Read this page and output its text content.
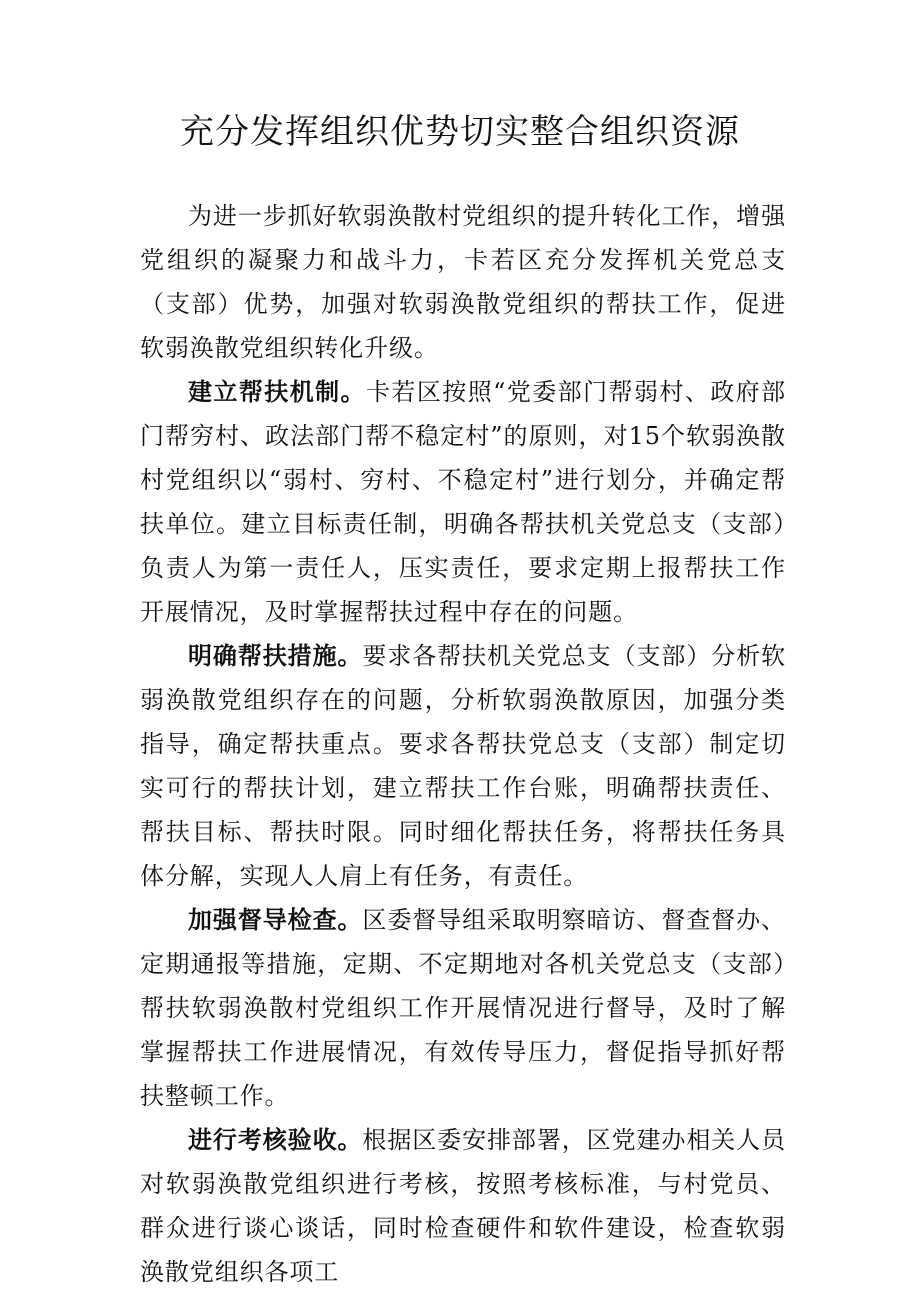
充分发挥组织优势切实整合组织资源

为进一步抓好软弱涣散村党组织的提升转化工作，增强党组织的凝聚力和战斗力，卡若区充分发挥机关党总支（支部）优势，加强对软弱涣散党组织的帮扶工作，促进软弱涣散党组织转化升级。

建立帮扶机制。卡若区按照“党委部门帮弱村、政府部门帮穷村、政法部门帮不稳定村”的原则，对15个软弱涣散村党组织以“弱村、穷村、不稳定村”进行划分，并确定帮扶单位。建立目标责任制，明确各帮扶机关党总支（支部）负责人为第一责任人，压实责任，要求定期上报帮扶工作开展情况，及时掌握帮扶过程中存在的问题。

明确帮扶措施。要求各帮扶机关党总支（支部）分析软弱涣散党组织存在的问题，分析软弱涣散原因，加强分类指导，确定帮扶重点。要求各帮扶党总支（支部）制定切实可行的帮扶计划，建立帮扶工作台账，明确帮扶责任、帮扶目标、帮扶时限。同时细化帮扶任务，将帮扶任务具体分解，实现人人肩上有任务，有责任。

加强督导检查。区委督导组采取明察暗访、督查督办、定期通报等措施，定期、不定期地对各机关党总支（支部）帮扶软弱涣散村党组织工作开展情况进行督导，及时了解掌握帮扶工作进展情况，有效传导压力，督促指导抓好帮扶整顿工作。

进行考核验收。根据区委安排部署，区党建办相关人员对软弱涣散党组织进行考核，按照考核标准，与村党员、群众进行谈心谈话，同时检查硬件和软件建设，检查软弱涣散党组织各项工
